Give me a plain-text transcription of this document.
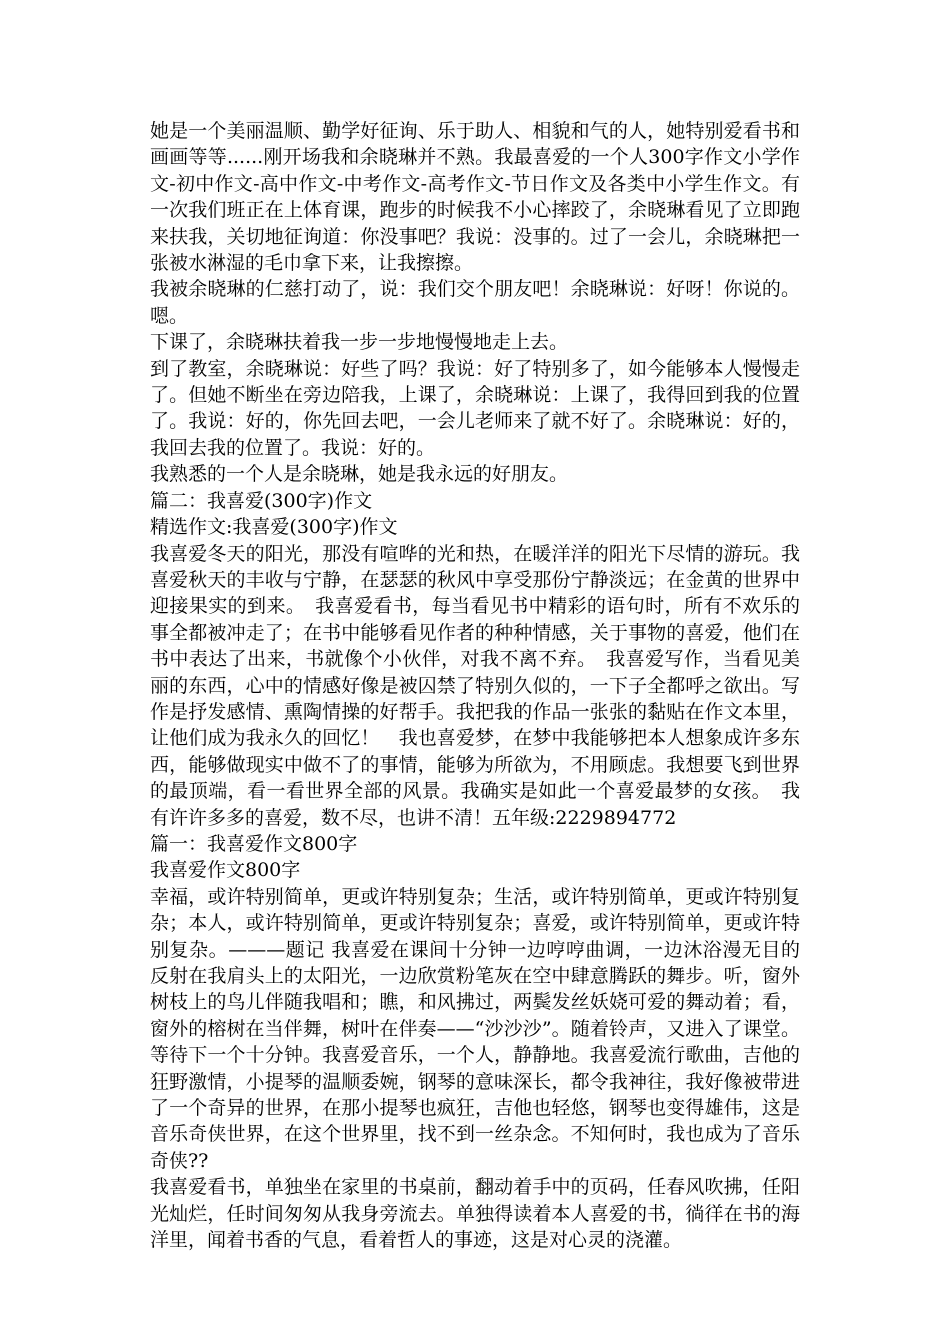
她是一个美丽温顺、勤学好征询、乐于助人、相貌和气的人，她特别爱看书和画画等等......刚开场我和余晓琳并不熟。我最喜爱的一个人300字作文小学作文-初中作文-高中作文-中考作文-高考作文-节日作文及各类中小学生作文。有一次我们班正在上体育课，跑步的时候我不小心摔跤了，余晓琳看见了立即跑来扶我，关切地征询道：你没事吧？我说：没事的。过了一会儿，余晓琳把一张被水淋湿的毛巾拿下来，让我擦擦。

我被余晓琳的仁慈打动了，说：我们交个朋友吧！余晓琳说：好呀！你说的。嗯。

下课了，余晓琳扶着我一步一步地慢慢地走上去。

到了教室，余晓琳说：好些了吗？我说：好了特别多了，如今能够本人慢慢走了。但她不断坐在旁边陪我，上课了，余晓琳说：上课了，我得回到我的位置了。我说：好的，你先回去吧，一会儿老师来了就不好了。余晓琳说：好的，我回去我的位置了。我说：好的。

我熟悉的一个人是余晓琳，她是我永远的好朋友。

篇二：我喜爱(300字)作文

精选作文:我喜爱(300字)作文

我喜爱冬天的阳光，那没有喧哗的光和热，在暖洋洋的阳光下尽情的游玩。我喜爱秋天的丰收与宁静，在瑟瑟的秋风中享受那份宁静淡远；在金黄的世界中迎接果实的到来。　我喜爱看书，每当看见书中精彩的语句时，所有不欢乐的事全都被冲走了；在书中能够看见作者的种种情感，关于事物的喜爱，他们在书中表达了出来，书就像个小伙伴，对我不离不弃。　我喜爱写作，当看见美丽的东西，心中的情感好像是被囚禁了特别久似的，一下子全都呼之欲出。写作是抒发感情、熏陶情操的好帮手。我把我的作品一张张的黏贴在作文本里，让他们成为我永久的回忆！　我也喜爱梦，在梦中我能够把本人想象成许多东西，能够做现实中做不了的事情，能够为所欲为，不用顾虑。我想要飞到世界的最顶端，看一看世界全部的风景。我确实是如此一个喜爱最梦的女孩。　我有许许多多的喜爱，数不尽，也讲不清！五年级:2229894772

篇一：我喜爱作文800字

我喜爱作文800字

幸福，或许特别简单，更或许特别复杂；生活，或许特别简单，更或许特别复杂；本人，或许特别简单，更或许特别复杂；喜爱，或许特别简单，更或许特别复杂。———题记 我喜爱在课间十分钟一边哼哼曲调，一边沐浴漫无目的反射在我肩头上的太阳光，一边欣赏粉笔灰在空中肆意腾跃的舞步。听，窗外树枝上的鸟儿伴随我唱和；瞧，和风拂过，两鬓发丝妖娆可爱的舞动着；看，窗外的榕树在当伴舞，树叶在伴奏——“沙沙沙”。随着铃声，又进入了课堂。等待下一个十分钟。我喜爱音乐，一个人，静静地。我喜爱流行歌曲，吉他的狂野激情，小提琴的温顺委婉，钢琴的意味深长，都令我神往，我好像被带进了一个奇异的世界，在那小提琴也疯狂，吉他也轻悠，钢琴也变得雄伟，这是音乐奇侠世界，在这个世界里，找不到一丝杂念。不知何时，我也成为了音乐奇侠??

我喜爱看书，单独坐在家里的书桌前，翻动着手中的页码，任春风吹拂，任阳光灿烂，任时间匆匆从我身旁流去。单独得读着本人喜爱的书，徜徉在书的海洋里，闻着书香的气息，看着哲人的事迹，这是对心灵的浇灌。
